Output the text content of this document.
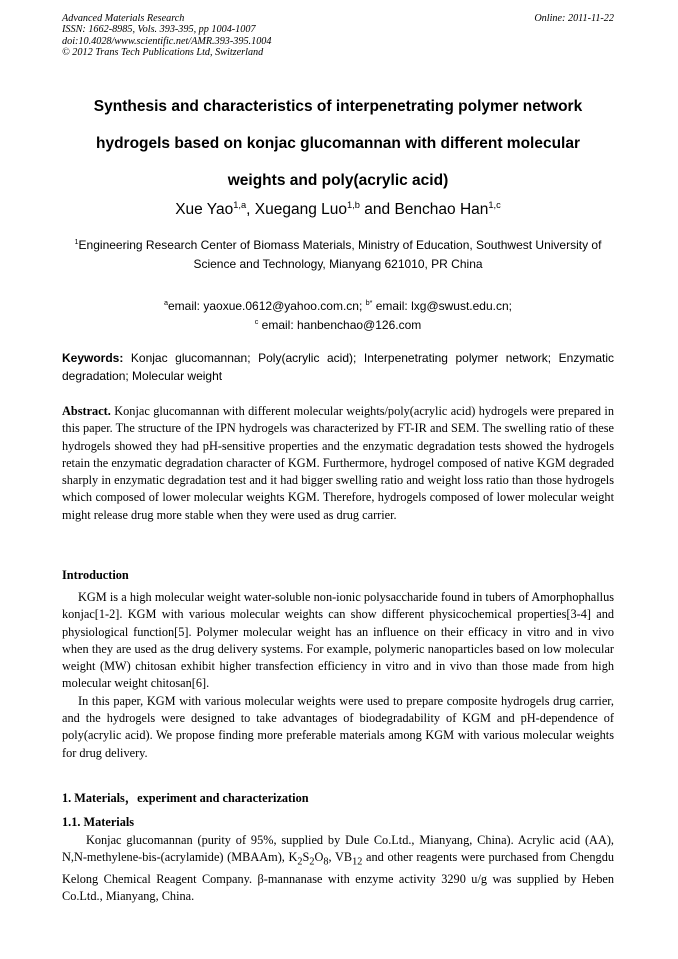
Advanced Materials Research
ISSN: 1662-8985, Vols. 393-395, pp 1004-1007
doi:10.4028/www.scientific.net/AMR.393-395.1004
© 2012 Trans Tech Publications Ltd, Switzerland
Online: 2011-11-22
Synthesis and characteristics of interpenetrating polymer network
hydrogels based on konjac glucomannan with different molecular
weights and poly(acrylic acid)
Xue Yao$^{1,a}$, Xuegang Luo$^{1,b}$ and Benchao Han$^{1,c}$
$^1$Engineering Research Center of Biomass Materials, Ministry of Education, Southwest University of
Science and Technology, Mianyang 621010, PR China
$^a$email: yaoxue.0612@yahoo.com.cn; $^{b*}$ email: lxg@swust.edu.cn;
$^c$ email: hanbenchao@126.com
Keywords: Konjac glucomannan; Poly(acrylic acid); Interpenetrating polymer network; Enzymatic degradation; Molecular weight
Abstract. Konjac glucomannan with different molecular weights/poly(acrylic acid) hydrogels were prepared in this paper. The structure of the IPN hydrogels was characterized by FT-IR and SEM. The swelling ratio of these hydrogels showed they had pH-sensitive properties and the enzymatic degradation tests showed the hydrogels retain the enzymatic degradation character of KGM. Furthermore, hydrogel composed of native KGM degraded sharply in enzymatic degradation test and it had bigger swelling ratio and weight loss ratio than those hydrogels which composed of lower molecular weights KGM. Therefore, hydrogels composed of lower molecular weight might release drug more stable when they were used as drug carrier.
Introduction

KGM is a high molecular weight water-soluble non-ionic polysaccharide found in tubers of Amorphophallus konjac[1-2]. KGM with various molecular weights can show different physicochemical properties[3-4] and physiological function[5]. Polymer molecular weight has an influence on their efficacy in vitro and in vivo when they are used as the drug delivery systems. For example, polymeric nanoparticles based on low molecular weight (MW) chitosan exhibit higher transfection efficiency in vitro and in vivo than those made from high molecular weight chitosan[6].

In this paper, KGM with various molecular weights were used to prepare composite hydrogels drug carrier, and the hydrogels were designed to take advantages of biodegradability of KGM and pH-dependence of poly(acrylic acid). We propose finding more preferable materials among KGM with various molecular weights for drug delivery.

1. Materials，experiment and characterization
1.1. Materials

Konjac glucomannan (purity of 95%, supplied by Dule Co.Ltd., Mianyang, China). Acrylic acid (AA), N,N-methylene-bis-(acrylamide) (MBAAm), $K_2S_2O_8$, $VB_{12}$ and other reagents were purchased from Chengdu Kelong Chemical Reagent Company. β-mannanase with enzyme activity 3290 u/g was supplied by Heben Co.Ltd., Mianyang, China.
